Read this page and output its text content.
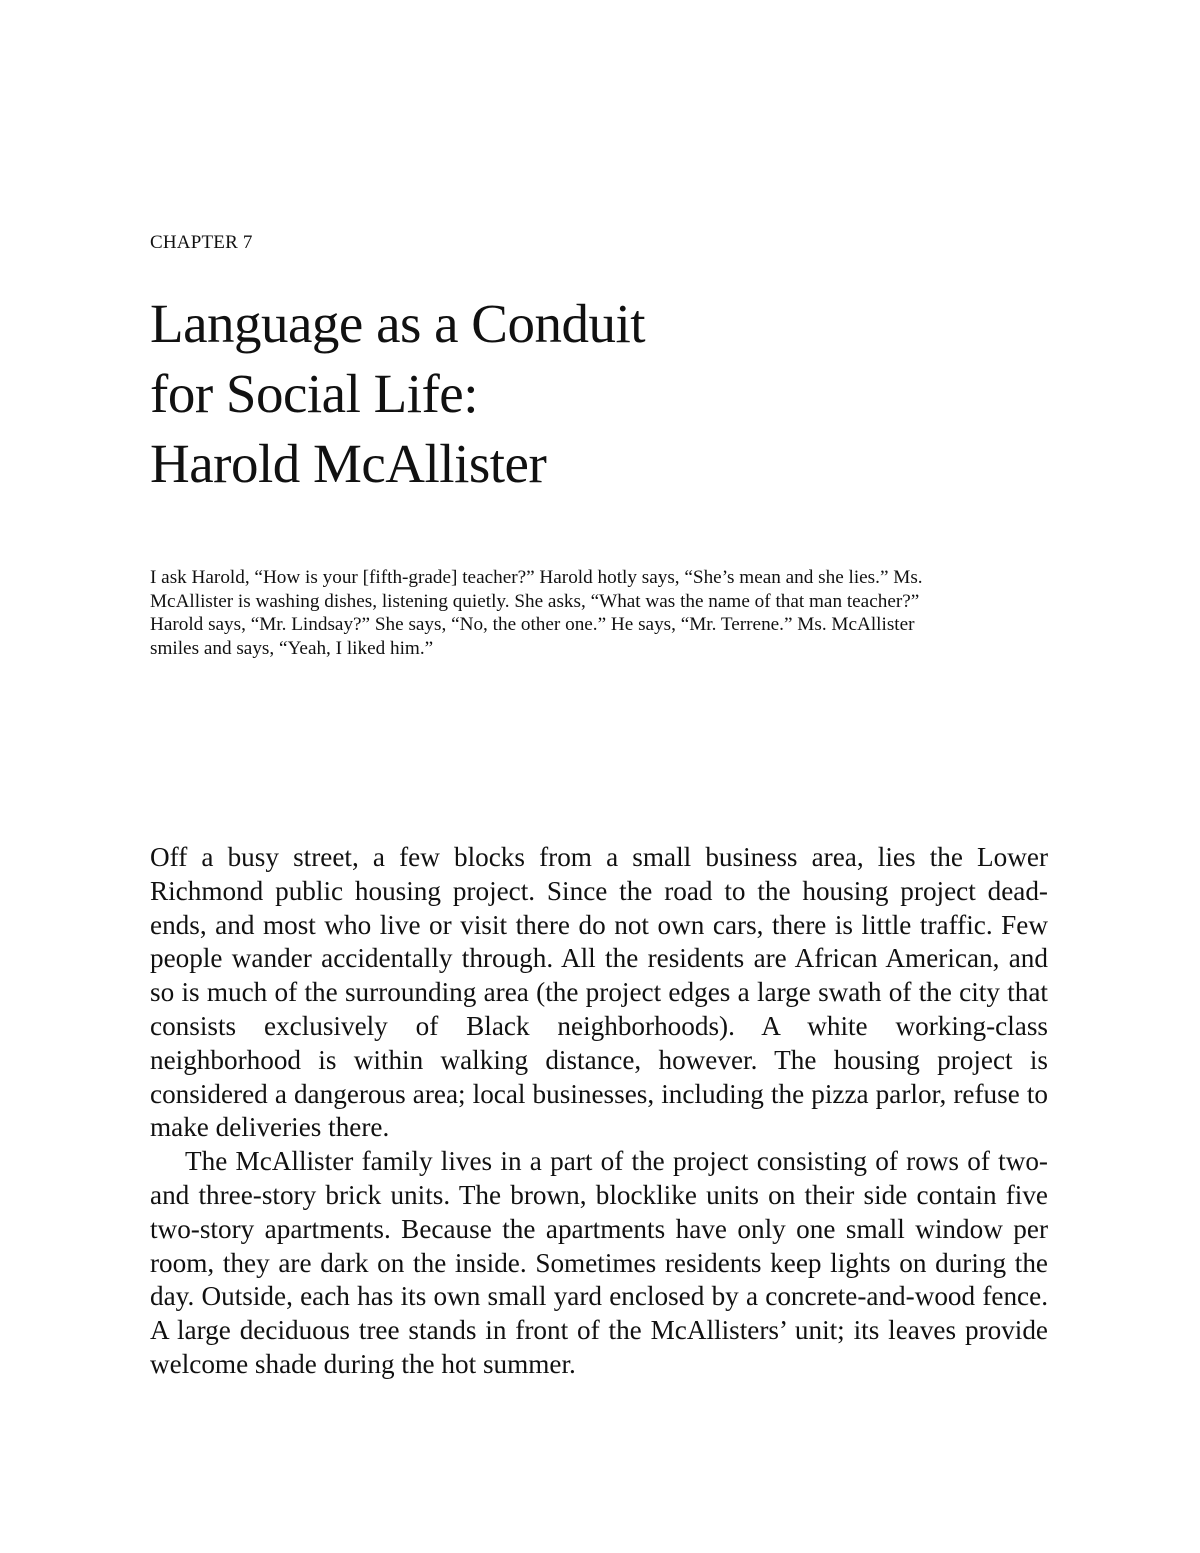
CHAPTER 7
Language as a Conduit
for Social Life:
Harold McAllister

I ask Harold, “How is your [fifth-grade] teacher?” Harold hotly says, “She’s mean and she lies.” Ms. McAllister is washing dishes, listening quietly. She asks, “What was the name of that man teacher?” Harold says, “Mr. Lindsay?” She says, “No, the other one.” He says, “Mr. Terrene.” Ms. McAllister smiles and says, “Yeah, I liked him.”

Off a busy street, a few blocks from a small business area, lies the Lower Richmond public housing project. Since the road to the housing project dead-ends, and most who live or visit there do not own cars, there is little traffic. Few people wander accidentally through. All the residents are African American, and so is much of the surrounding area (the project edges a large swath of the city that consists exclusively of Black neighborhoods). A white working-class neighborhood is within walking distance, however. The housing project is considered a dangerous area; local businesses, including the pizza parlor, refuse to make deliveries there.

The McAllister family lives in a part of the project consisting of rows of two- and three-story brick units. The brown, blocklike units on their side contain five two-story apartments. Because the apartments have only one small window per room, they are dark on the inside. Sometimes residents keep lights on during the day. Outside, each has its own small yard enclosed by a concrete-and-wood fence. A large deciduous tree stands in front of the McAllisters’ unit; its leaves provide welcome shade during the hot summer.
